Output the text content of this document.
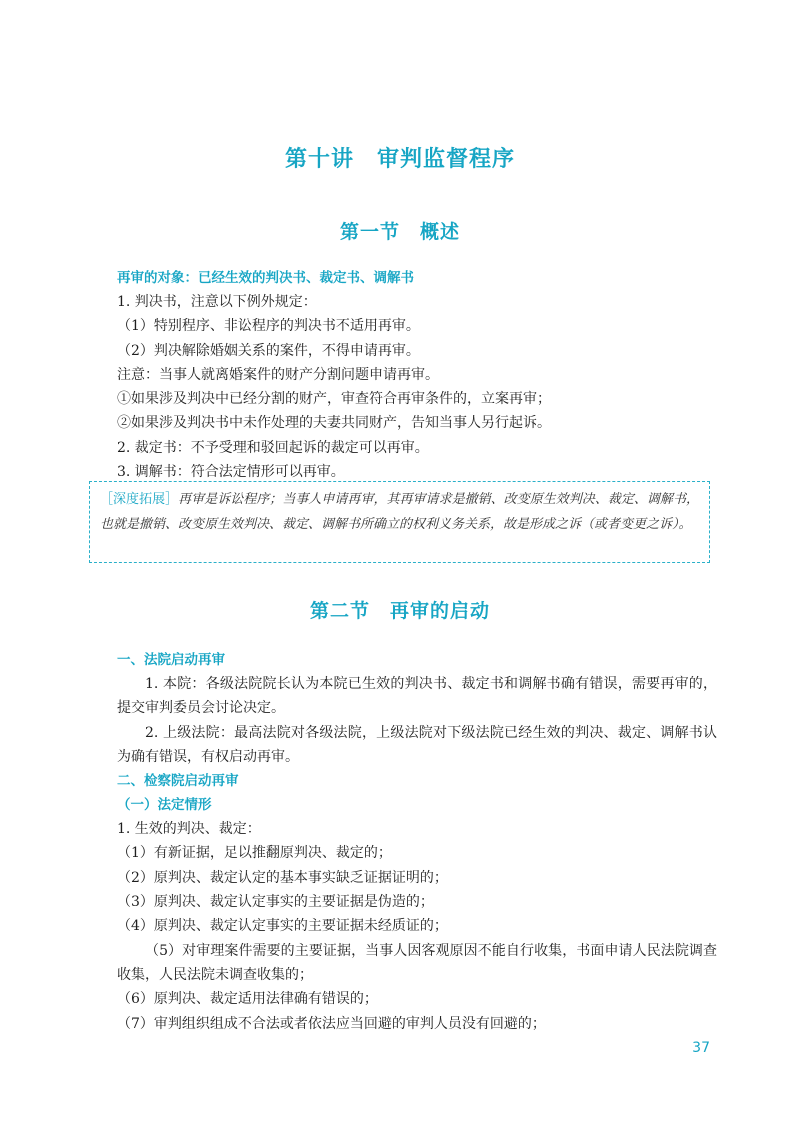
第十讲　审判监督程序
第一节　概述
再审的对象：已经生效的判决书、裁定书、调解书
1. 判决书，注意以下例外规定：
（1）特别程序、非讼程序的判决书不适用再审。
（2）判决解除婚姻关系的案件，不得申请再审。
注意：当事人就离婚案件的财产分割问题申请再审。
①如果涉及判决中已经分割的财产，审查符合再审条件的，立案再审；
②如果涉及判决书中未作处理的夫妻共同财产，告知当事人另行起诉。
2. 裁定书：不予受理和驳回起诉的裁定可以再审。
3. 调解书：符合法定情形可以再审。
［深度拓展］再审是诉讼程序；当事人申请再审，其再审请求是撤销、改变原生效判决、裁定、调解书，也就是撤销、改变原生效判决、裁定、调解书所确立的权利义务关系，故是形成之诉（或者变更之诉）。
第二节　再审的启动
一、法院启动再审
1. 本院：各级法院院长认为本院已生效的判决书、裁定书和调解书确有错误，需要再审的，提交审判委员会讨论决定。
2. 上级法院：最高法院对各级法院，上级法院对下级法院已经生效的判决、裁定、调解书认为确有错误，有权启动再审。
二、检察院启动再审
（一）法定情形
1. 生效的判决、裁定：
（1）有新证据，足以推翻原判决、裁定的；
（2）原判决、裁定认定的基本事实缺乏证据证明的；
（3）原判决、裁定认定事实的主要证据是伪造的；
（4）原判决、裁定认定事实的主要证据未经质证的；
（5）对审理案件需要的主要证据，当事人因客观原因不能自行收集，书面申请人民法院调查收集，人民法院未调查收集的；
（6）原判决、裁定适用法律确有错误的；
（7）审判组织组成不合法或者依法应当回避的审判人员没有回避的；
37
